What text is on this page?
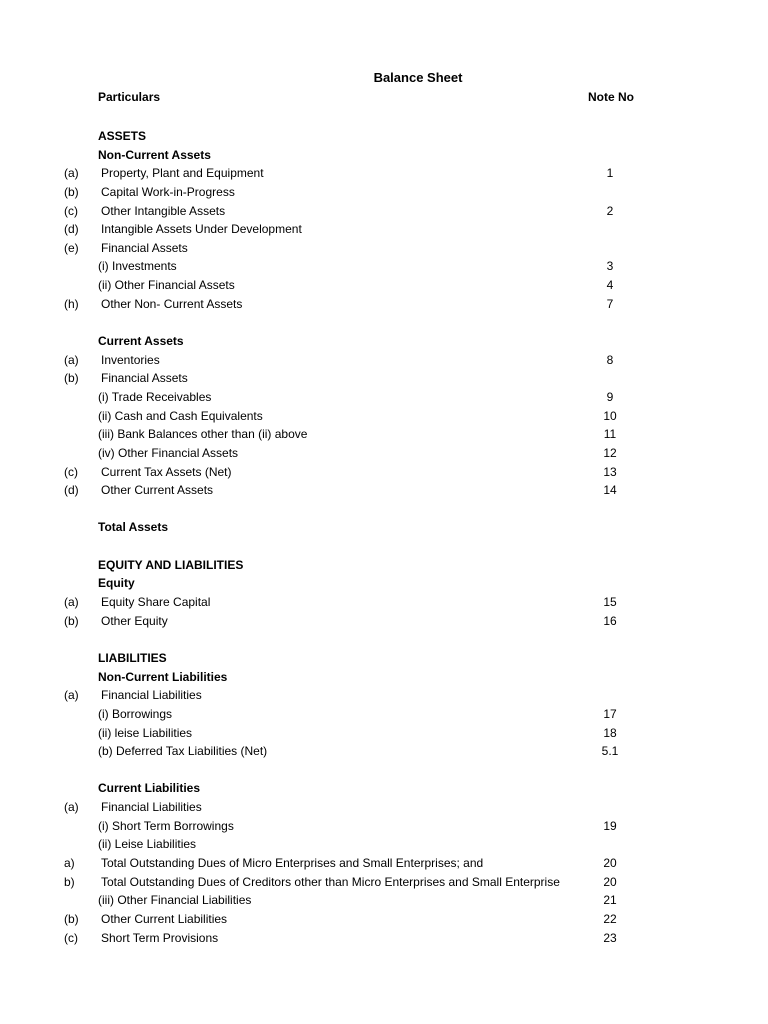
Balance Sheet
Particulars	Note No
ASSETS
Non-Current Assets
(a) Property, Plant and Equipment	1
(b) Capital Work-in-Progress
(c) Other Intangible Assets	2
(d) Intangible Assets Under Development
(e) Financial Assets
(i) Investments	3
(ii) Other Financial Assets	4
(h) Other Non- Current Assets	7
Current Assets
(a) Inventories	8
(b) Financial Assets
(i) Trade Receivables	9
(ii) Cash and Cash Equivalents	10
(iii) Bank Balances other than (ii) above	11
(iv) Other Financial Assets	12
(c) Current Tax Assets (Net)	13
(d) Other Current Assets	14
Total Assets
EQUITY AND LIABILITIES
Equity
(a) Equity Share Capital	15
(b) Other Equity	16
LIABILITIES
Non-Current Liabilities
(a) Financial Liabilities
(i) Borrowings	17
(ii) leise Liabilities	18
(b) Deferred Tax Liabilities (Net)	5.1
Current Liabilities
(a) Financial Liabilities
(i) Short Term Borrowings	19
(ii) Leise Liabilities
a) Total Outstanding Dues of Micro Enterprises and Small Enterprises; and	20
b) Total Outstanding Dues of Creditors other than Micro Enterprises and Small Enterprise	20
(iii) Other Financial Liabilities	21
(b) Other Current Liabilities	22
(c) Short Term Provisions	23
